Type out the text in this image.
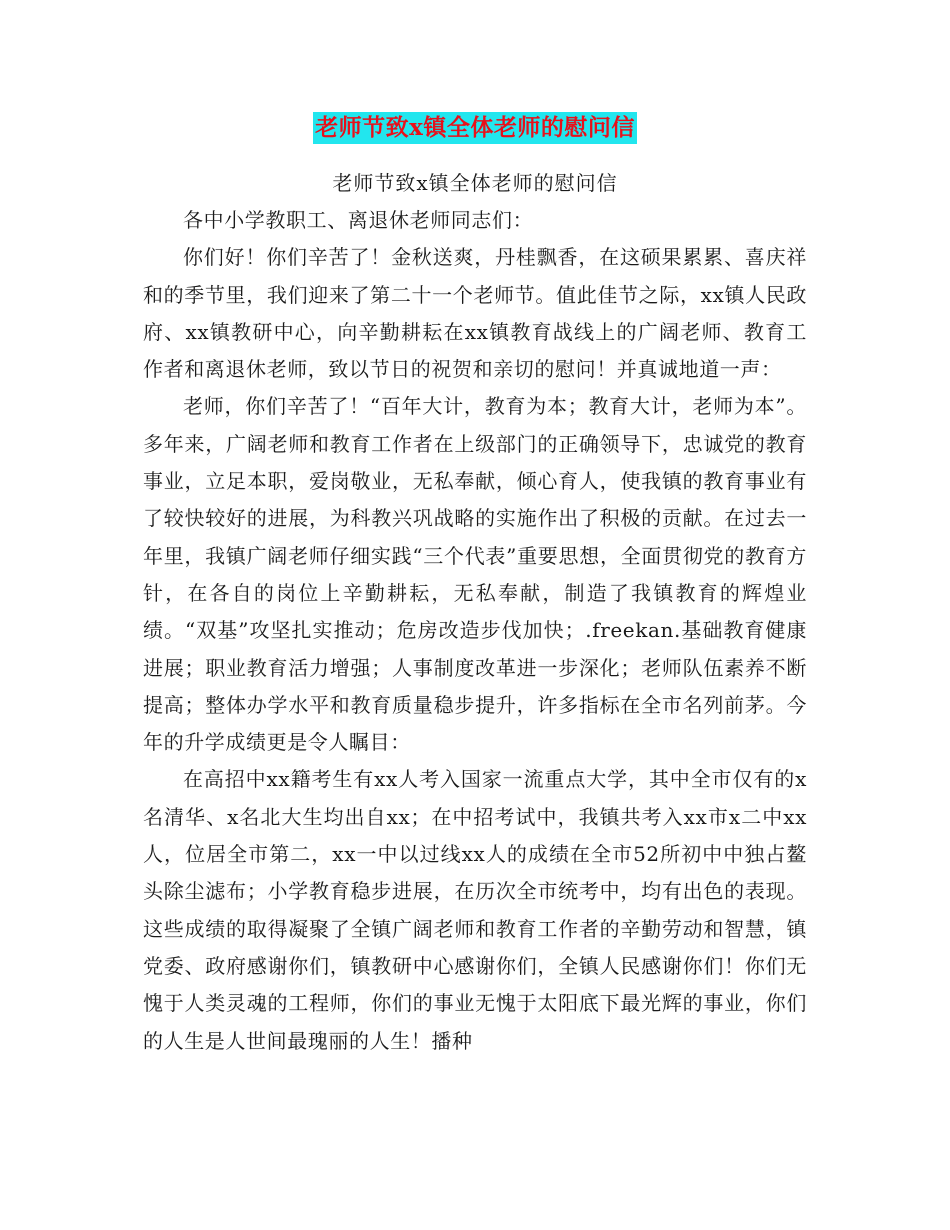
老师节致x镇全体老师的慰问信
老师节致x镇全体老师的慰问信

各中小学教职工、离退休老师同志们：

你们好！你们辛苦了！金秋送爽，丹桂飘香，在这硕果累累、喜庆祥和的季节里，我们迎来了第二十一个老师节。值此佳节之际，xx镇人民政府、xx镇教研中心，向辛勤耕耘在xx镇教育战线上的广阔老师、教育工作者和离退休老师，致以节日的祝贺和亲切的慰问！并真诚地道一声：

老师，你们辛苦了！“百年大计，教育为本；教育大计，老师为本”。多年来，广阔老师和教育工作者在上级部门的正确领导下，忠诚党的教育事业，立足本职，爱岗敬业，无私奉献，倾心育人，使我镇的教育事业有了较快较好的进展，为科教兴巩战略的实施作出了积极的贡献。在过去一年里，我镇广阔老师仔细实践“三个代表”重要思想，全面贯彻党的教育方针，在各自的岗位上辛勤耕耘，无私奉献，制造了我镇教育的辉煌业绩。“双基”攻坚扎实推动；危房改造步伐加快；.freekan.基础教育健康进展；职业教育活力增强；人事制度改革进一步深化；老师队伍素养不断提高；整体办学水平和教育质量稳步提升，许多指标在全市名列前茅。今年的升学成绩更是令人瞩目：

在高招中xx籍考生有xx人考入国家一流重点大学，其中全市仅有的x名清华、x名北大生均出自xx；在中招考试中，我镇共考入xx市x二中xx人，位居全市第二，xx一中以过线xx人的成绩在全市52所初中中独占鳌头除尘滤布；小学教育稳步进展，在历次全市统考中，均有出色的表现。这些成绩的取得凝聚了全镇广阔老师和教育工作者的辛勤劳动和智慧，镇党委、政府感谢你们，镇教研中心感谢你们，全镇人民感谢你们！你们无愧于人类灵魂的工程师，你们的事业无愧于太阳底下最光辉的事业，你们的人生是人世间最瑰丽的人生！播种
